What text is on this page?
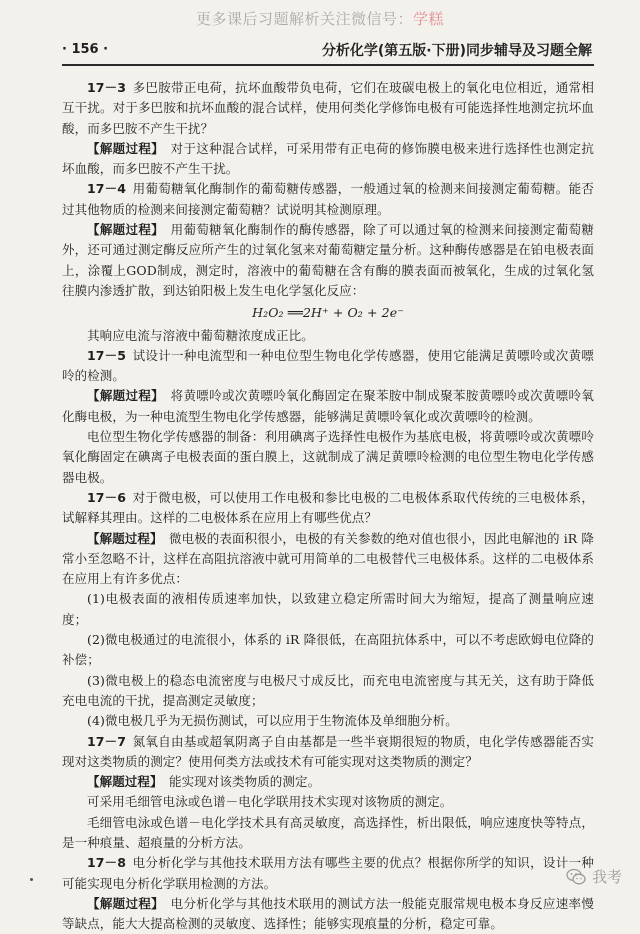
更多课后习题解析关注微信号：学糕
· 156 ·	分析化学(第五版·下册)同步辅导及习题全解

17－3  多巴胺带正电荷，抗坏血酸带负电荷，它们在玻碳电极上的氧化电位相近，通常相互干扰。对于多巴胺和抗坏血酸的混合试样，使用何类化学修饰电极有可能选择性地测定抗坏血酸，而多巴胺不产生干扰？

【解题过程】  对于这种混合试样，可采用带有正电荷的修饰膜电极来进行选择性也测定抗坏血酸，而多巴胺不产生干扰。

17－4  用葡萄糖氧化酶制作的葡萄糖传感器，一般通过氧的检测来间接测定葡萄糖。能否过其他物质的检测来间接测定葡萄糖？试说明其检测原理。

【解题过程】  用葡萄糖氧化酶制作的酶传感器，除了可以通过氧的检测来间接测定葡萄糖外，还可通过测定酶反应所产生的过氧化氢来对葡萄糖定量分析。这种酶传感器是在铂电极表面上，涂覆上GOD制成，测定时，溶液中的葡萄糖在含有酶的膜表面而被氧化，生成的过氧化氢往膜内渗透扩散，到达铂阳极上发生电化学氢化反应：

H₂O₂ ══2H⁺ + O₂ + 2e⁻

其响应电流与溶液中葡萄糖浓度成正比。

17－5  试设计一种电流型和一种电位型生物电化学传感器，使用它能满足黄嘌呤或次黄嘌呤的检测。

【解题过程】  将黄嘌呤或次黄嘌呤氧化酶固定在聚苯胺中制成聚苯胺黄嘌呤或次黄嘌呤氧化酶电极，为一种电流型生物电化学传感器，能够满足黄嘌呤氧化或次黄嘌呤的检测。

电位型生物化学传感器的制备：利用碘离子选择性电极作为基底电极，将黄嘌呤或次黄嘌呤氧化酶固定在碘离子电极表面的蛋白膜上，这就制成了满足黄嘌呤检测的电位型生物电化学传感器电极。

17－6  对于微电极，可以使用工作电极和参比电极的二电极体系取代传统的三电极体系，试解释其理由。这样的二电极体系在应用上有哪些优点？

【解题过程】  微电极的表面积很小，电极的有关参数的绝对值也很小，因此电解池的 iR 降常小至忽略不计，这样在高阻抗溶液中就可用简单的二电极替代三电极体系。这样的二电极体系在应用上有许多优点：

(1)电极表面的液相传质速率加快，以致建立稳定所需时间大为缩短，提高了测量响应速度；

(2)微电极通过的电流很小，体系的 iR 降很低，在高阻抗体系中，可以不考虑欧姆电位降的补偿；

(3)微电极上的稳态电流密度与电极尺寸成反比，而充电电流密度与其无关，这有助于降低充电电流的干扰，提高测定灵敏度；

(4)微电极几乎为无损伤测试，可以应用于生物流体及单细胞分析。

17－7  氮氧自由基或超氧阴离子自由基都是一些半衰期很短的物质，电化学传感器能否实现对这类物质的测定？使用何类方法或技术有可能实现对这类物质的测定？

【解题过程】  能实现对该类物质的测定。

可采用毛细管电泳或色谱－电化学联用技术实现对该物质的测定。

毛细管电泳或色谱－电化学技术具有高灵敏度，高选择性，析出限低，响应速度快等特点，是一种痕量、超痕量的分析方法。

17－8  电分析化学与其他技术联用方法有哪些主要的优点？根据你所学的知识，设计一种可能实现电分析化学联用检测的方法。

【解题过程】  电分析化学与其他技术联用的测试方法一般能克服常规电极本身反应速率慢等缺点，能大大提高检测的灵敏度、选择性；能够实现痕量的分析，稳定可靠。

我考
